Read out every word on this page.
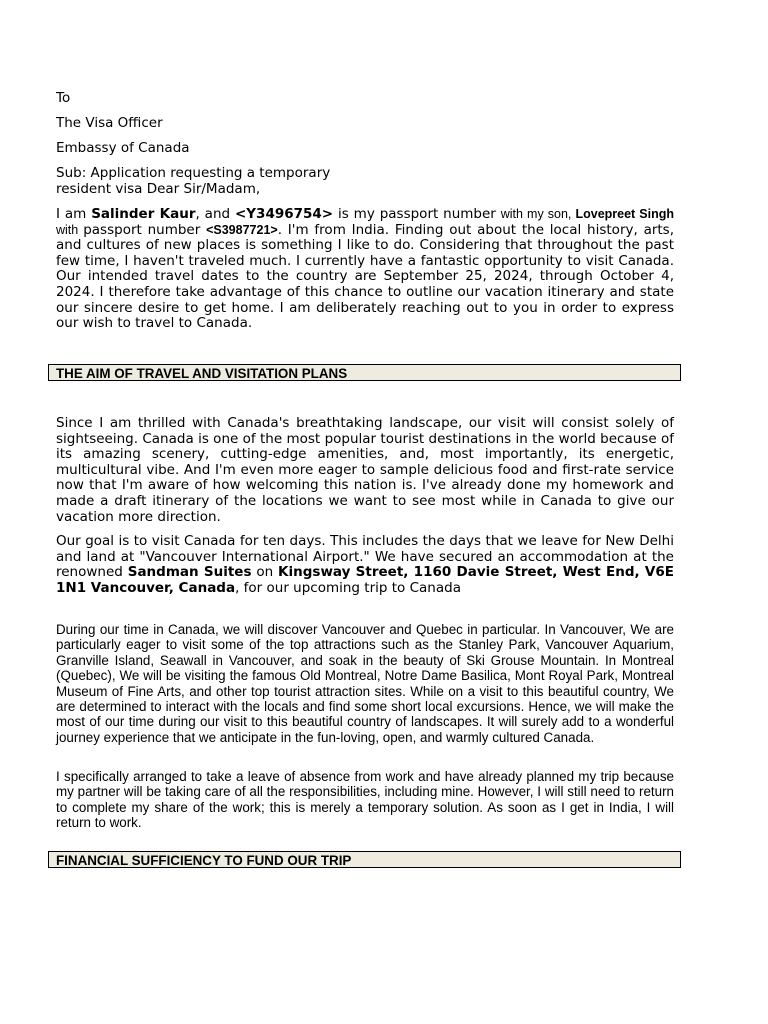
To

The Visa Officer

Embassy of Canada

Sub: Application requesting a temporary
resident visa Dear Sir/Madam,

I am Salinder Kaur, and <Y3496754> is my passport number with my son, Lovepreet Singh with passport number <S3987721>. I'm from India. Finding out about the local history, arts, and cultures of new places is something I like to do. Considering that throughout the past few time, I haven't traveled much. I currently have a fantastic opportunity to visit Canada. Our intended travel dates to the country are September 25, 2024, through October 4, 2024. I therefore take advantage of this chance to outline our vacation itinerary and state our sincere desire to get home. I am deliberately reaching out to you in order to express our wish to travel to Canada.

Since I am thrilled with Canada's breathtaking landscape, our visit will consist solely of sightseeing. Canada is one of the most popular tourist destinations in the world because of its amazing scenery, cutting-edge amenities, and, most importantly, its energetic, multicultural vibe. And I'm even more eager to sample delicious food and first-rate service now that I'm aware of how welcoming this nation is. I've already done my homework and made a draft itinerary of the locations we want to see most while in Canada to give our vacation more direction.

Our goal is to visit Canada for ten days. This includes the days that we leave for New Delhi and land at "Vancouver International Airport." We have secured an accommodation at the renowned Sandman Suites on Kingsway Street, 1160 Davie Street, West End, V6E 1N1 Vancouver, Canada, for our upcoming trip to Canada

During our time in Canada, we will discover Vancouver and Quebec in particular. In Vancouver, We are particularly eager to visit some of the top attractions such as the Stanley Park, Vancouver Aquarium, Granville Island, Seawall in Vancouver, and soak in the beauty of Ski Grouse Mountain. In Montreal (Quebec), We will be visiting the famous Old Montreal, Notre Dame Basilica, Mont Royal Park, Montreal Museum of Fine Arts, and other top tourist attraction sites. While on a visit to this beautiful country, We are determined to interact with the locals and find some short local excursions. Hence, we will make the most of our time during our visit to this beautiful country of landscapes. It will surely add to a wonderful journey experience that we anticipate in the fun-loving, open, and warmly cultured Canada.

I specifically arranged to take a leave of absence from work and have already planned my trip because my partner will be taking care of all the responsibilities, including mine. However, I will still need to return to complete my share of the work; this is merely a temporary solution. As soon as I get in India, I will return to work.

THE AIM OF TRAVEL AND VISITATION PLANS
FINANCIAL SUFFICIENCY TO FUND OUR TRIP
